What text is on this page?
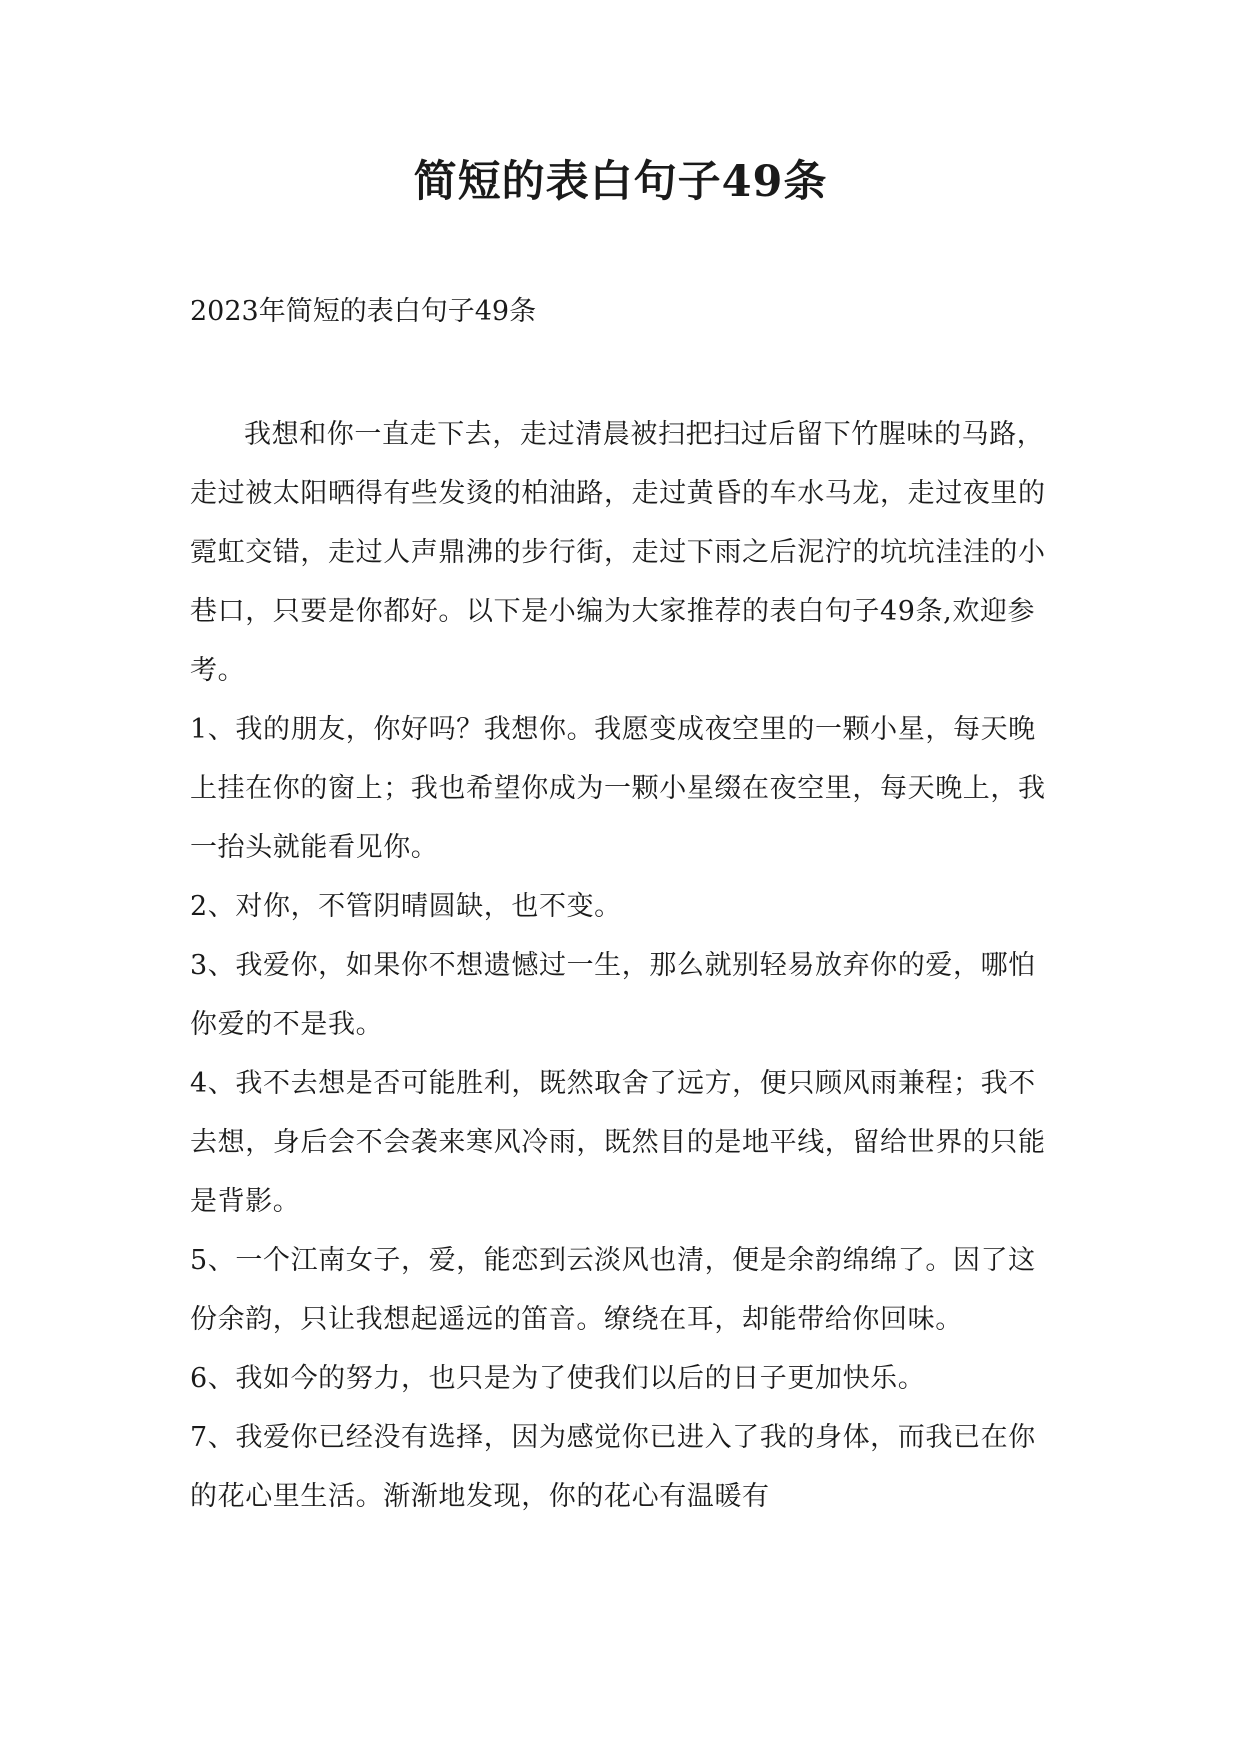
简短的表白句子49条

2023年简短的表白句子49条

我想和你一直走下去，走过清晨被扫把扫过后留下竹腥味的马路，走过被太阳晒得有些发烫的柏油路，走过黄昏的车水马龙，走过夜里的霓虹交错，走过人声鼎沸的步行街，走过下雨之后泥泞的坑坑洼洼的小巷口，只要是你都好。以下是小编为大家推荐的表白句子49条,欢迎参考。

1、我的朋友，你好吗？我想你。我愿变成夜空里的一颗小星，每天晚上挂在你的窗上；我也希望你成为一颗小星缀在夜空里，每天晚上，我一抬头就能看见你。

2、对你，不管阴晴圆缺，也不变。

3、我爱你，如果你不想遗憾过一生，那么就别轻易放弃你的爱，哪怕你爱的不是我。

4、我不去想是否可能胜利，既然取舍了远方，便只顾风雨兼程；我不去想，身后会不会袭来寒风冷雨，既然目的是地平线，留给世界的只能是背影。

5、一个江南女子，爱，能恋到云淡风也清，便是余韵绵绵了。因了这份余韵，只让我想起遥远的笛音。缭绕在耳，却能带给你回味。

6、我如今的努力，也只是为了使我们以后的日子更加快乐。

7、我爱你已经没有选择，因为感觉你已进入了我的身体，而我已在你的花心里生活。渐渐地发现，你的花心有温暖有
